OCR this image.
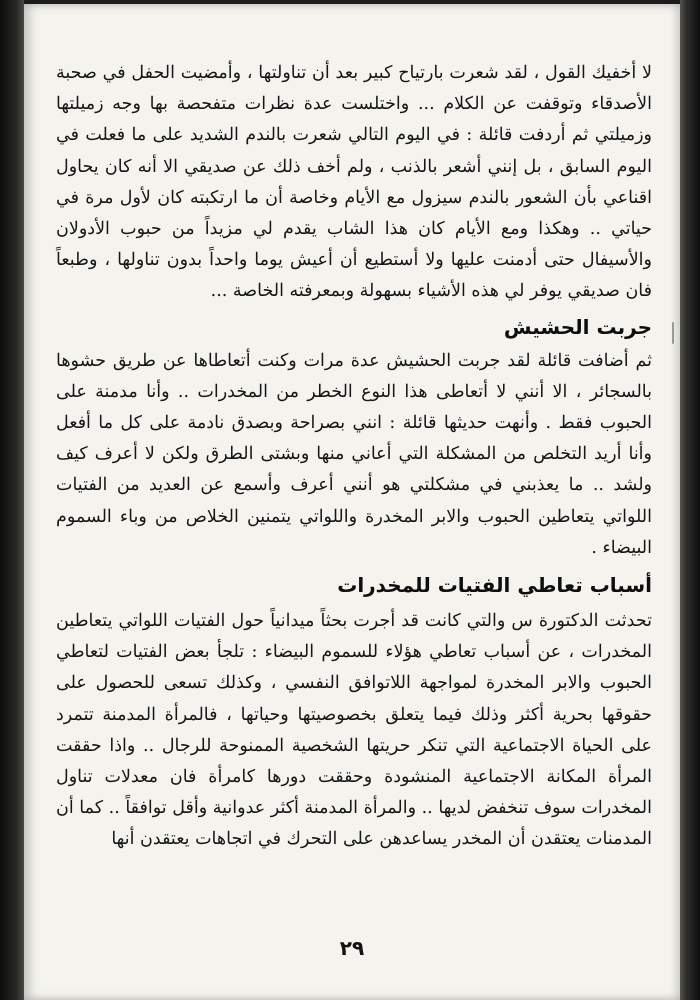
لا أخفيك القول ، لقد شعرت بارتياح كبير بعد أن تناولتها ، وأمضيت الحفل في صحبة الأصدقاء وتوقفت عن الكلام ... واختلست عدة نظرات متفحصة بها وجه زميلتها وزميلتي ثم أردفت قائلة : في اليوم التالي شعرت بالندم الشديد على ما فعلت في اليوم السابق ، بل إنني أشعر بالذنب ، ولم أخف ذلك عن صديقي الا أنه كان يحاول اقناعي بأن الشعور بالندم سيزول مع الأيام وخاصة أن ما ارتكبته كان لأول مرة في حياتي .. وهكذا ومع الأيام كان هذا الشاب يقدم لي مزيداً من حبوب الأدولان والأسيفال حتى أدمنت عليها ولا أستطيع أن أعيش يوما واحداً بدون تناولها ، وطبعاً فان صديقي يوفر لي هذه الأشياء بسهولة وبمعرفته الخاصة ...

جربت الحشيش

ثم أضافت قائلة لقد جربت الحشيش عدة مرات وكنت أتعاطاها عن طريق حشوها بالسجائر ، الا أنني لا أتعاطى هذا النوع الخطر من المخدرات .. وأنا مدمنة على الحبوب فقط . وأنهت حديثها قائلة : انني بصراحة وبصدق نادمة على كل ما أفعل وأنا أريد التخلص من المشكلة التي أعاني منها وبشتى الطرق ولكن لا أعرف كيف ولشد .. ما يعذبني في مشكلتي هو أنني أعرف وأسمع عن العديد من الفتيات اللواتي يتعاطين الحبوب والابر المخدرة واللواتي يتمنين الخلاص من وباء السموم البيضاء .

أسباب تعاطي الفتيات للمخدرات

تحدثت الدكتورة س والتي كانت قد أجرت بحثاً ميدانياً حول الفتيات اللواتي يتعاطين المخدرات ، عن أسباب تعاطي هؤلاء للسموم البيضاء : تلجأ بعض الفتيات لتعاطي الحبوب والابر المخدرة لمواجهة اللاتوافق النفسي ، وكذلك تسعى للحصول على حقوقها بحرية أكثر وذلك فيما يتعلق بخصوصيتها وحياتها ، فالمرأة المدمنة تتمرد على الحياة الاجتماعية التي تنكر حريتها الشخصية الممنوحة للرجال .. واذا حققت المرأة المكانة الاجتماعية المنشودة وحققت دورها كامرأة فان معدلات تناول المخدرات سوف تنخفض لديها .. والمرأة المدمنة أكثر عدوانية وأقل توافقاً .. كما أن المدمنات يعتقدن أن المخدر يساعدهن على التحرك في اتجاهات يعتقدن أنها

٢٩
